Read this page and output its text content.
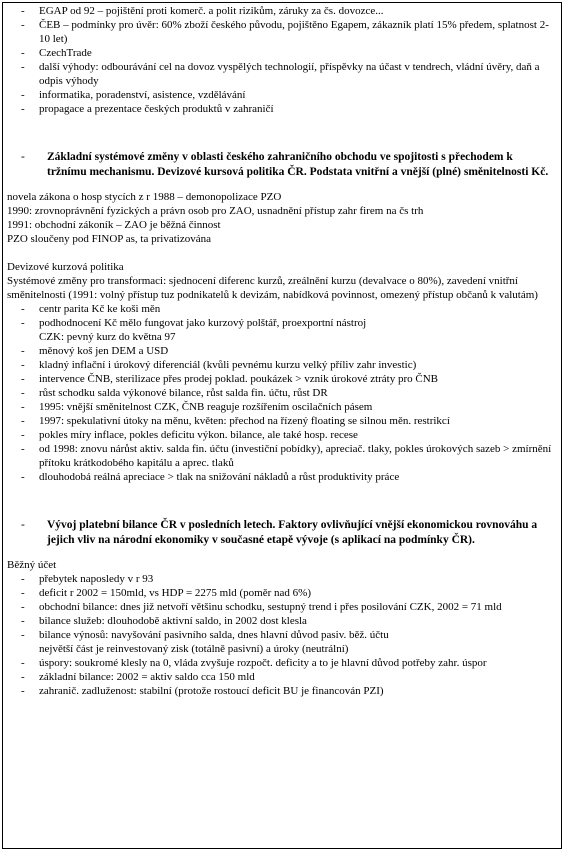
- EGAP od 92 – pojištění proti komerč. a polit rizikům, záruky za čs. dovozce...
- ČEB – podmínky pro úvěr: 60% zboží českého původu, pojištěno Egapem, zákazník platí 15% předem, splatnost 2-10 let)
- CzechTrade
- další výhody: odbourávání cel na dovoz vyspělých technologií, příspěvky na účast v tendrech, vládní úvěry, daň a odpis výhody
- informatika, poradenství, asistence, vzdělávání
- propagace a prezentace českých produktů v zahraničí
- Základní systémové změny v oblasti českého zahraničního obchodu ve spojitosti s přechodem k tržnímu mechanismu. Devizové kursová politika ČR. Podstata vnitřní a vnější (plné) směnitelnosti Kč.
novela zákona o hosp stycích z r 1988 – demonopolizace PZO
1990: zrovnoprávnění fyzických a právn osob pro ZAO, usnadnění přístup zahr firem na čs trh
1991: obchodní zákoník – ZAO je běžná činnost
PZO sloučeny pod FINOP as, ta privatizována
Devizové kurzová politika
Systémové změny pro transformaci: sjednocení diferenc kurzů, zreálnění kurzu (devalvace o 80%), zavedení vnitřní směnitelnosti (1991: volný přístup tuz podnikatelů k devizám, nabídková povinnost, omezený přístup občanů k valutám)
- centr parita Kč ke koši měn
- podhodnocení Kč mělo fungovat jako kurzový polštář, proexportní nástroj
CZK: pevný kurz do května 97
- měnový koš jen DEM a USD
- kladný inflační i úrokový diferenciál (kvůli pevnému kurzu velký příliv zahr investic)
- intervence ČNB, sterilizace přes prodej poklad. poukázek > vznik úrokové ztráty pro ČNB
- růst schodku salda výkonové bilance, růst salda fin. účtu, růst DR
- 1995: vnější směnitelnost CZK, ČNB reaguje rozšířením oscilačních pásem
- 1997: spekulativní útoky na měnu, květen: přechod na řízený floating se silnou měn. restrikcí
- pokles míry inflace, pokles deficitu výkon. bilance, ale také hosp. recese
- od 1998: znovu nárůst aktiv. salda fin. účtu (investiční pobídky), apreciač. tlaky, pokles úrokových sazeb > zmírnění přítoku krátkodobého kapitálu a aprec. tlaků
- dlouhodobá reálná apreciace > tlak na snižování nákladů a růst produktivity práce
- Vývoj platební bilance ČR v posledních letech. Faktory ovlivňující vnější ekonomickou rovnováhu a jejich vliv na národní ekonomiky v současné etapě vývoje (s aplikací na podmínky ČR).
Běžný účet
- přebytek naposledy v r 93
- deficit r 2002 = 150mld, vs HDP = 2275 mld (poměr nad 6%)
- obchodní bilance: dnes již netvoří většinu schodku, sestupný trend i přes posilování CZK, 2002 = 71 mld
- bilance služeb: dlouhodobě aktivní saldo, in 2002 dost klesla
- bilance výnosů: navyšování pasivního salda, dnes hlavní důvod pasiv. běž. účtu
největší část je reinvestovaný zisk (totálně pasivní) a úroky (neutrální)
- úspory: soukromé klesly na 0, vláda zvyšuje rozpočt. deficity a to je hlavní důvod potřeby zahr. úspor
- základní bilance: 2002 = aktiv saldo cca 150 mld
- zahranič. zadluženost: stabilní (protože rostoucí deficit BU je financován PZI)
